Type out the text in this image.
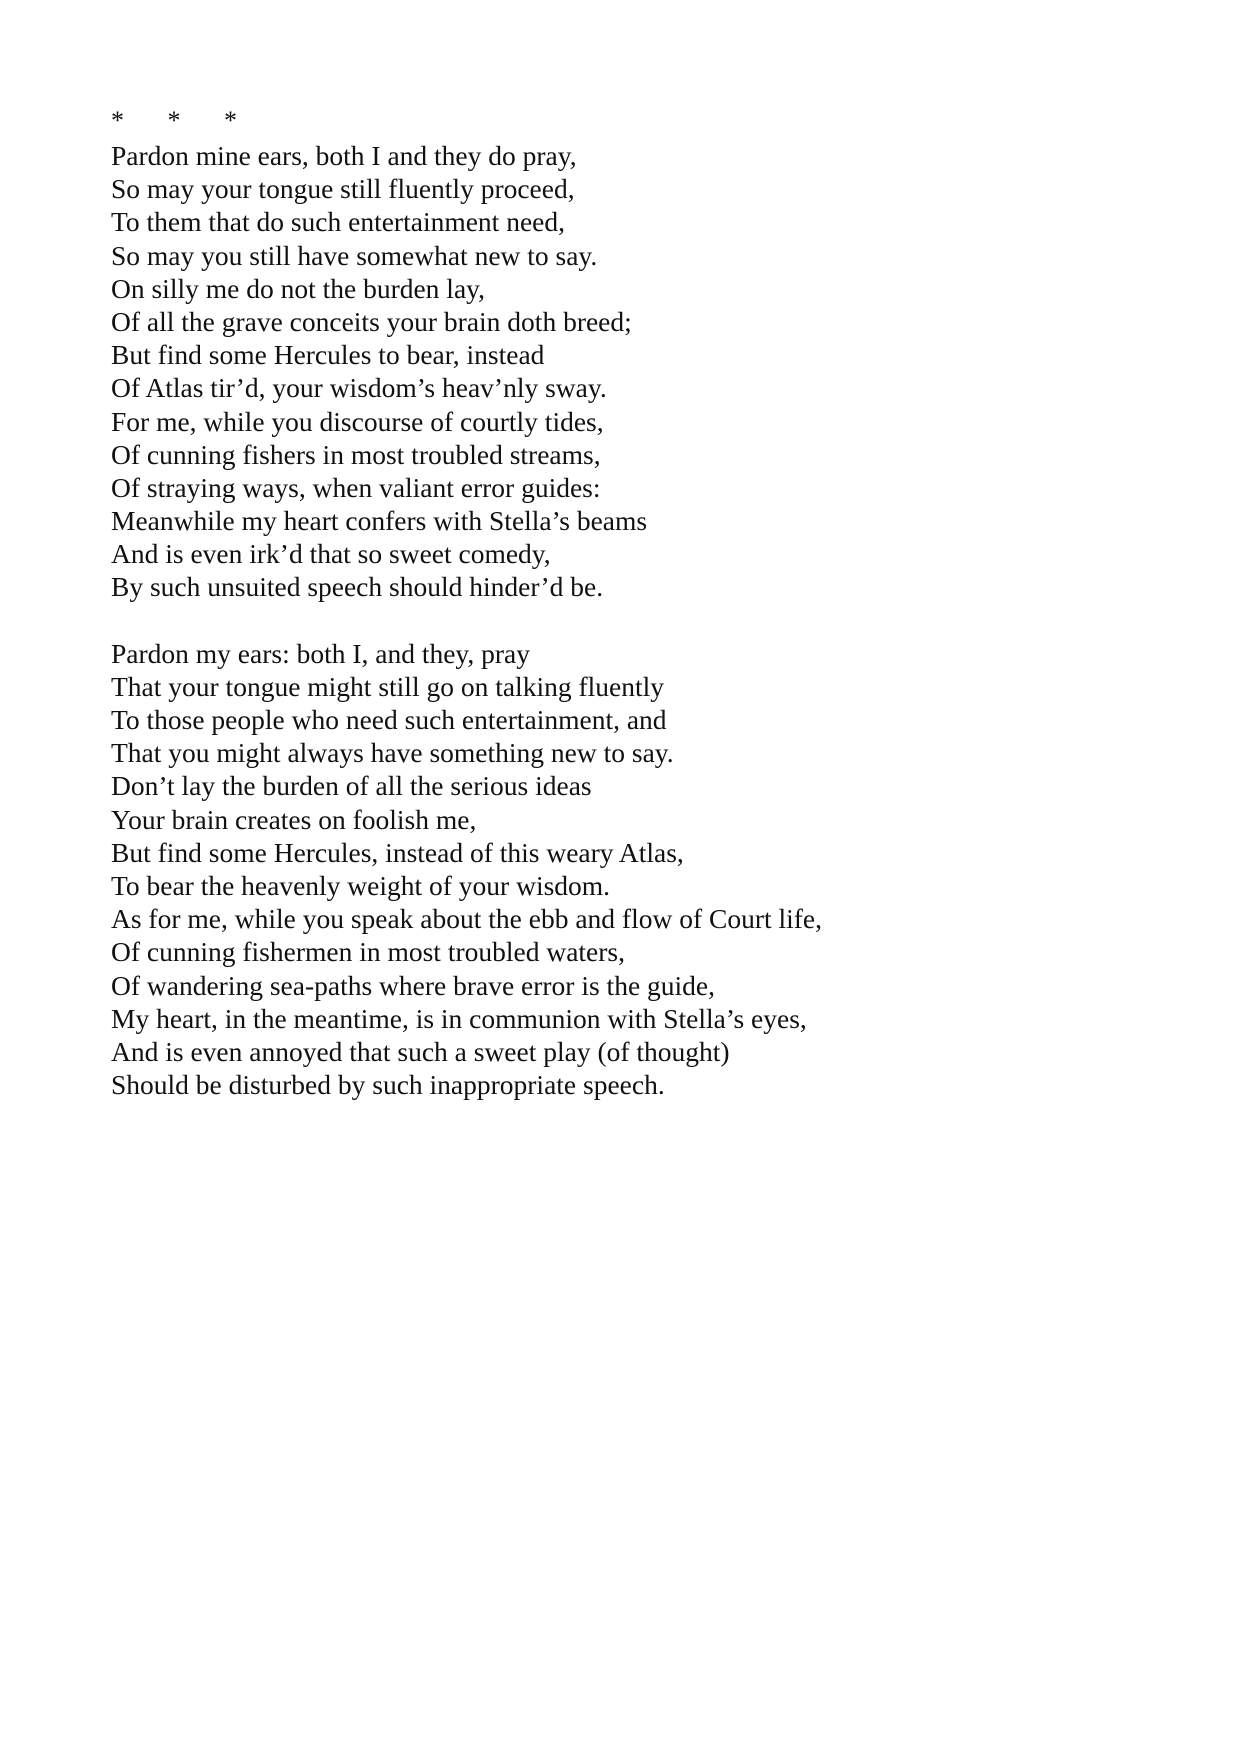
*   *   *
Pardon mine ears, both I and they do pray,
So may your tongue still fluently proceed,
To them that do such entertainment need,
So may you still have somewhat new to say.
On silly me do not the burden lay,
Of all the grave conceits your brain doth breed;
But find some Hercules to bear, instead
Of Atlas tir’d, your wisdom’s heav’nly sway.
For me, while you discourse of courtly tides,
Of cunning fishers in most troubled streams,
Of straying ways, when valiant error guides:
Meanwhile my heart confers with Stella’s beams
And is even irk’d that so sweet comedy,
By such unsuited speech should hinder’d be.
Pardon my ears: both I, and they, pray
That your tongue might still go on talking fluently
To those people who need such entertainment, and
That you might always have something new to say.
Don’t lay the burden of all the serious ideas
Your brain creates on foolish me,
But find some Hercules, instead of this weary Atlas,
To bear the heavenly weight of your wisdom.
As for me, while you speak about the ebb and flow of Court life,
Of cunning fishermen in most troubled waters,
Of wandering sea-paths where brave error is the guide,
My heart, in the meantime, is in communion with Stella’s eyes,
And is even annoyed that such a sweet play (of thought)
Should be disturbed by such inappropriate speech.
